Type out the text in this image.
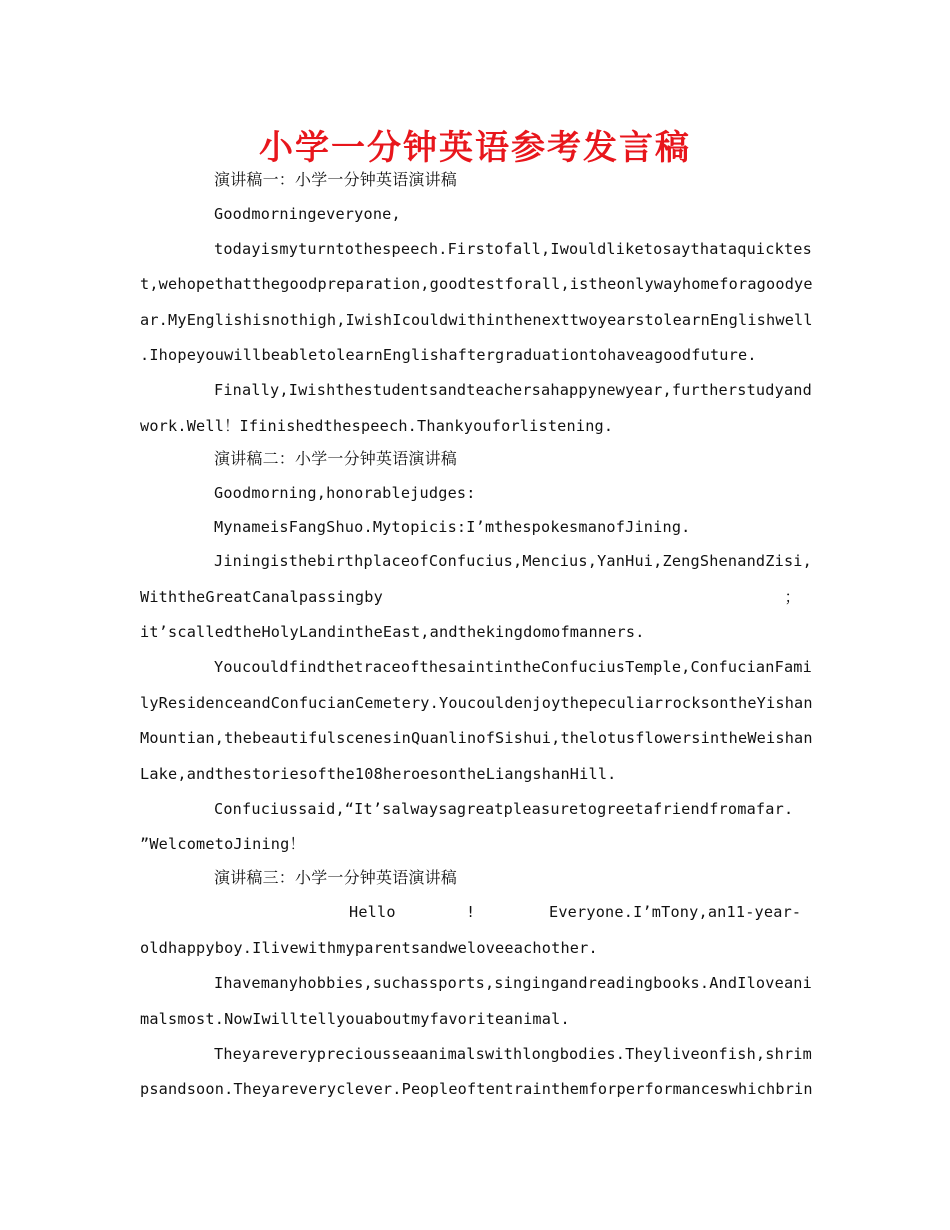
小学一分钟英语参考发言稿
演讲稿一：小学一分钟英语演讲稿
Goodmorningeveryone,
todayismyturntothespeech.Firstofall,Iwouldliketosaythataquicktes
t,wehopethatthegoodpreparation,goodtestforall,istheonlywayhomeforagoodye
ar.MyEnglishisnothigh,IwishIcouldwithinthenexttwoyearstolearnEnglishwell
.IhopeyouwillbeabletolearnEnglishaftergraduationtohaveagoodfuture.
Finally,Iwishthestudentsandteachersahappynewyear,furtherstudyand
work.Well！Ifinishedthespeech.Thankyouforlistening.
演讲稿二：小学一分钟英语演讲稿
Goodmorning,honorablejudges:
MynameisFangShuo.Mytopicis:I’mthespokesmanofJining.
JiningisthebirthplaceofConfucius,Mencius,YanHui,ZengShenandZisi,
WiththeGreatCanalpassingby	；
it’scalledtheHolyLandintheEast,andthekingdomofmanners.
YoucouldfindthetraceofthesaintintheConfuciusTemple,ConfucianFami
lyResidenceandConfucianCemetery.YoucouldenjoythepeculiarrocksontheYishan
Mountian,thebeautifulscenesinQuanlinofSishui,thelotusflowersintheWeishan
Lake,andthestoriesofthe108heroesontheLiangshanHill.
Confuciussaid,“It’salwaysagreatpleasuretogreetafriendfromafar.
”WelcometoJining！
演讲稿三：小学一分钟英语演讲稿
Hello	!	Everyone.I’mTony,an11-year-
oldhappyboy.Ilivewithmyparentsandweloveeachother.
Ihavemanyhobbies,suchassports,singingandreadingbooks.AndIloveani
malsmost.NowIwilltellyouaboutmyfavoriteanimal.
Theyareverypreciousseaanimalswithlongbodies.Theyliveonfish,shrim
psandsoon.Theyareveryclever.Peopleoftentrainthemforperformanceswhichbrin
